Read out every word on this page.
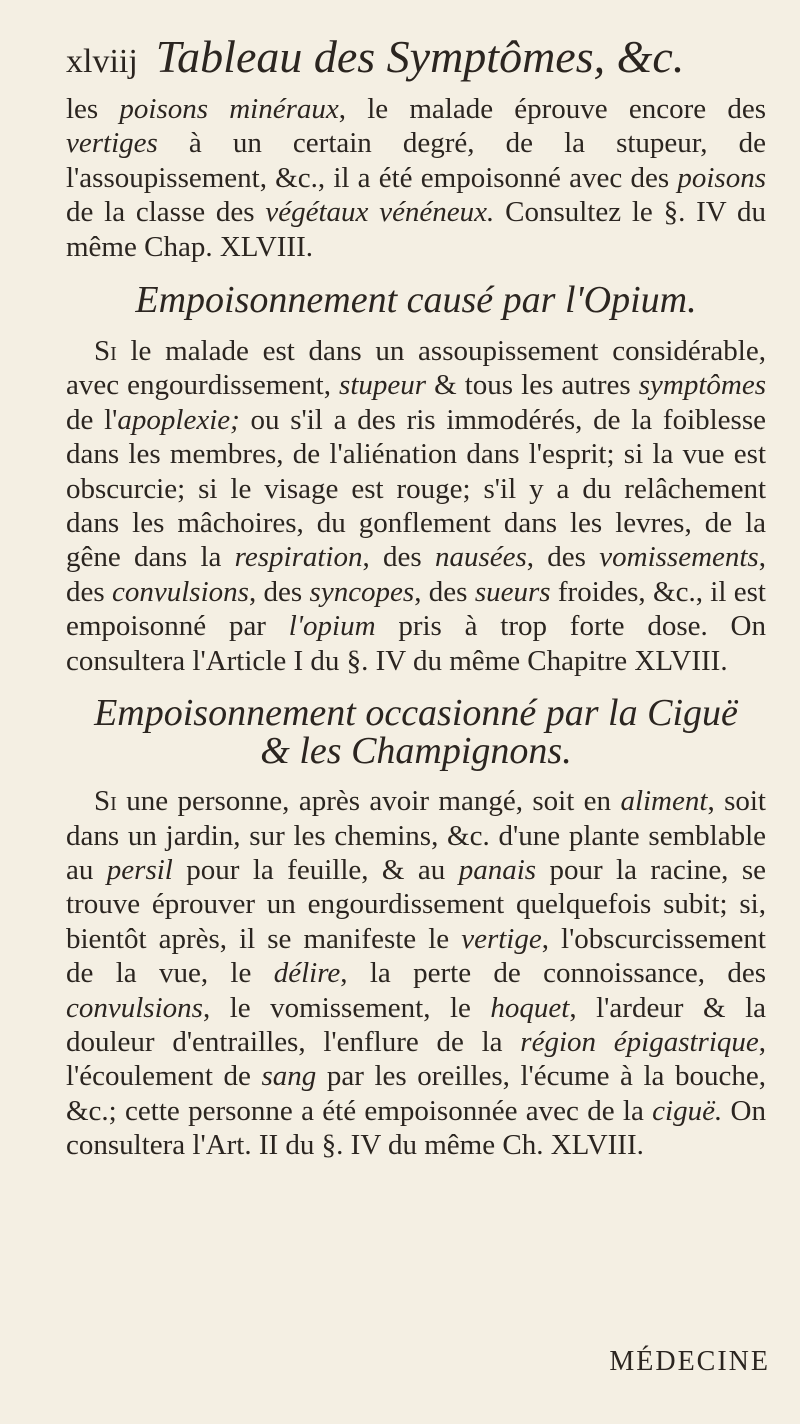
xlviij Tableau des Symptômes, &c.

les poisons minéraux, le malade éprouve encore des vertiges à un certain degré, de la stupeur, de l'assoupissement, &c., il a été empoisonné avec des poisons de la classe des végétaux vénéneux. Consultez le §. IV du même Chap. XLVIII.

Empoisonnement causé par l'Opium.

Si le malade est dans un assoupissement considérable, avec engourdissement, stupeur & tous les autres symptômes de l'apoplexie; ou s'il a des ris immodérés, de la foiblesse dans les membres, de l'aliénation dans l'esprit; si la vue est obscurcie; si le visage est rouge; s'il y a du relâchement dans les mâchoires, du gonflement dans les levres, de la gêne dans la respiration, des nausées, des vomissements, des convulsions, des syncopes, des sueurs froides, &c., il est empoisonné par l'opium pris à trop forte dose. On consultera l'Article I du §. IV du même Chapitre XLVIII.

Empoisonnement occasionné par la Ciguë
& les Champignons.

Si une personne, après avoir mangé, soit en aliment, soit dans un jardin, sur les chemins, &c. d'une plante semblable au persil pour la feuille, & au panais pour la racine, se trouve éprouver un engourdissement quelquefois subit; si, bientôt après, il se manifeste le vertige, l'obscurcissement de la vue, le délire, la perte de connoissance, des convulsions, le vomissement, le hoquet, l'ardeur & la douleur d'entrailles, l'enflure de la région épigastrique, l'écoulement de sang par les oreilles, l'écume à la bouche, &c.; cette personne a été empoisonnée avec de la ciguë. On consultera l'Art. II du §. IV du même Ch. XLVIII.

MÉDECINE
